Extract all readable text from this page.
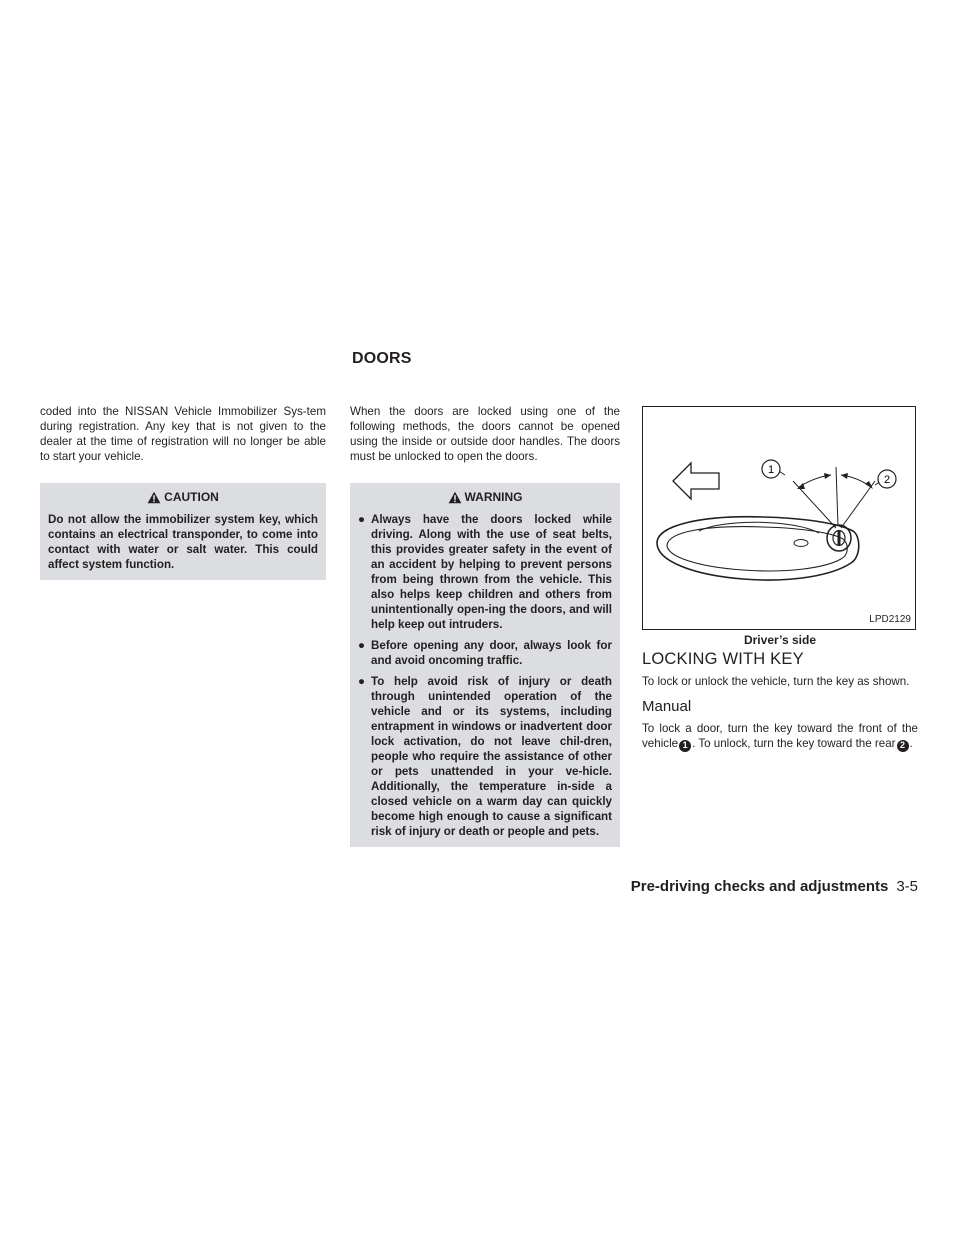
DOORS

coded into the NISSAN Vehicle Immobilizer Sys-tem during registration. Any key that is not given to the dealer at the time of registration will no longer be able to start your vehicle.

CAUTION
Do not allow the immobilizer system key, which contains an electrical transponder, to come into contact with water or salt water. This could affect system function.

When the doors are locked using one of the following methods, the doors cannot be opened using the inside or outside door handles. The doors must be unlocked to open the doors.

WARNING
● Always have the doors locked while driving. Along with the use of seat belts, this provides greater safety in the event of an accident by helping to prevent persons from being thrown from the vehicle. This also helps keep children and others from unintentionally open-ing the doors, and will help keep out intruders.
● Before opening any door, always look for and avoid oncoming traffic.
● To help avoid risk of injury or death through unintended operation of the vehicle and or its systems, including entrapment in windows or inadvertent door lock activation, do not leave chil-dren, people who require the assistance of other or pets unattended in your ve-hicle. Additionally, the temperature in-side a closed vehicle on a warm day can quickly become high enough to cause a significant risk of injury or death or people and pets.
1
2
LPD2129
Driver’s side
LOCKING WITH KEY

To lock or unlock the vehicle, turn the key as shown.

Manual

To lock a door, turn the key toward the front of the vehicle 1 . To unlock, turn the key toward the rear 2 .

Pre-driving checks and adjustments 3-5
